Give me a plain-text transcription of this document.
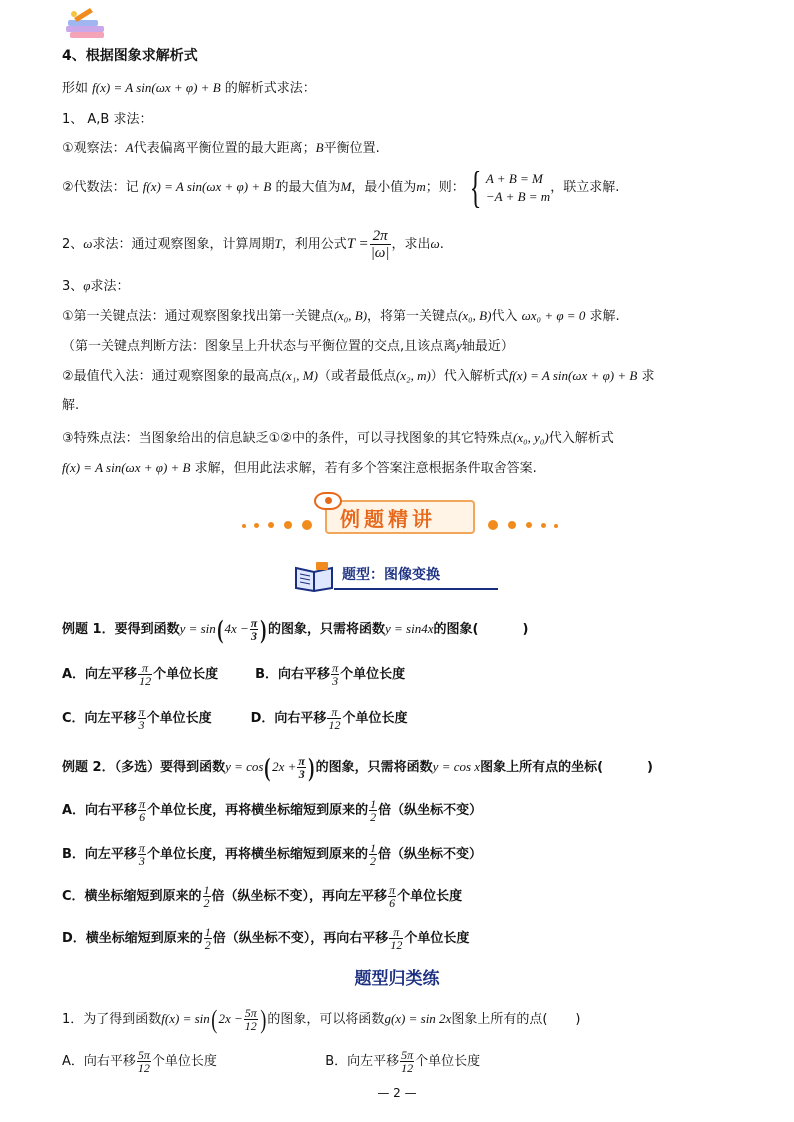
4、根据图象求解析式
形如 f(x) = A sin(ωx + φ) + B 的解析式求法：
1、 A,B 求法：
①观察法：A代表偏离平衡位置的最大距离；B平衡位置.
②代数法：记 f(x) = A sin(ωx + φ) + B 的最大值为M，最小值为m；则： { A + B = M
−A + B = m
，联立求解.
2、ω求法：通过观察图象，计算周期T，利用公式$T = \frac{2\pi}{|\omega|}$ ，求出ω.
3、φ求法：
①第一关键点法：通过观察图象找出第一关键点(x₀, B)，将第一关键点(x₀, B)代入 ωx₀ + φ = 0 求解.
（第一关键点判断方法：图象呈上升状态与平衡位置的交点,且该点离y轴最近）
②最值代入法：通过观察图象的最高点(x₁, M)（或者最低点(x₂, m)）代入解析式f(x) = A sin(ωx + φ) + B 求
解.
③特殊点法：当图象给出的信息缺乏①②中的条件，可以寻找图象的其它特殊点(x₀, y₀)代入解析式
f(x) = A sin(ωx + φ) + B 求解，但用此法求解，若有多个答案注意根据条件取舍答案.
例题精讲
题型：图像变换
例题 1．要得到函数$y = \sin(4x - \frac{\pi}{3}$ )的图象，只需将函数y = sin4x的图象(	)
A．向左平移 $\frac{\pi}{12}$ 个单位长度	B．向右平移 $\frac{\pi}{3}$ 个单位长度
C．向左平移 $\frac{\pi}{3}$ 个单位长度	D．向右平移 $\frac{\pi}{12}$ 个单位长度
例题 2．（多选）要得到函数$y = \cos(2x + \frac{\pi}{3}$ )的图象，只需将函数y = cos x图象上所有点的坐标(	)
A．向右平移 $\frac{\pi}{6}$ 个单位长度，再将横坐标缩短到原来的 $\frac{1}{2}$ 倍（纵坐标不变）
B．向左平移 $\frac{\pi}{3}$ 个单位长度，再将横坐标缩短到原来的 $\frac{1}{2}$ 倍（纵坐标不变）
C．横坐标缩短到原来的 $\frac{1}{2}$ 倍（纵坐标不变），再向左平移 $\frac{\pi}{6}$ 个单位长度
D．横坐标缩短到原来的 $\frac{1}{2}$ 倍（纵坐标不变），再向右平移 $\frac{\pi}{12}$ 个单位长度
题型归类练
1．为了得到函数$f(x) = \sin(2x - \frac{5\pi}{12}$ )的图象，可以将函数g(x) = sin 2x图象上所有的点( )
A．向右平移 $\frac{5\pi}{12}$ 个单位长度	B．向左平移 $\frac{5\pi}{12}$ 个单位长度
— 2 —
